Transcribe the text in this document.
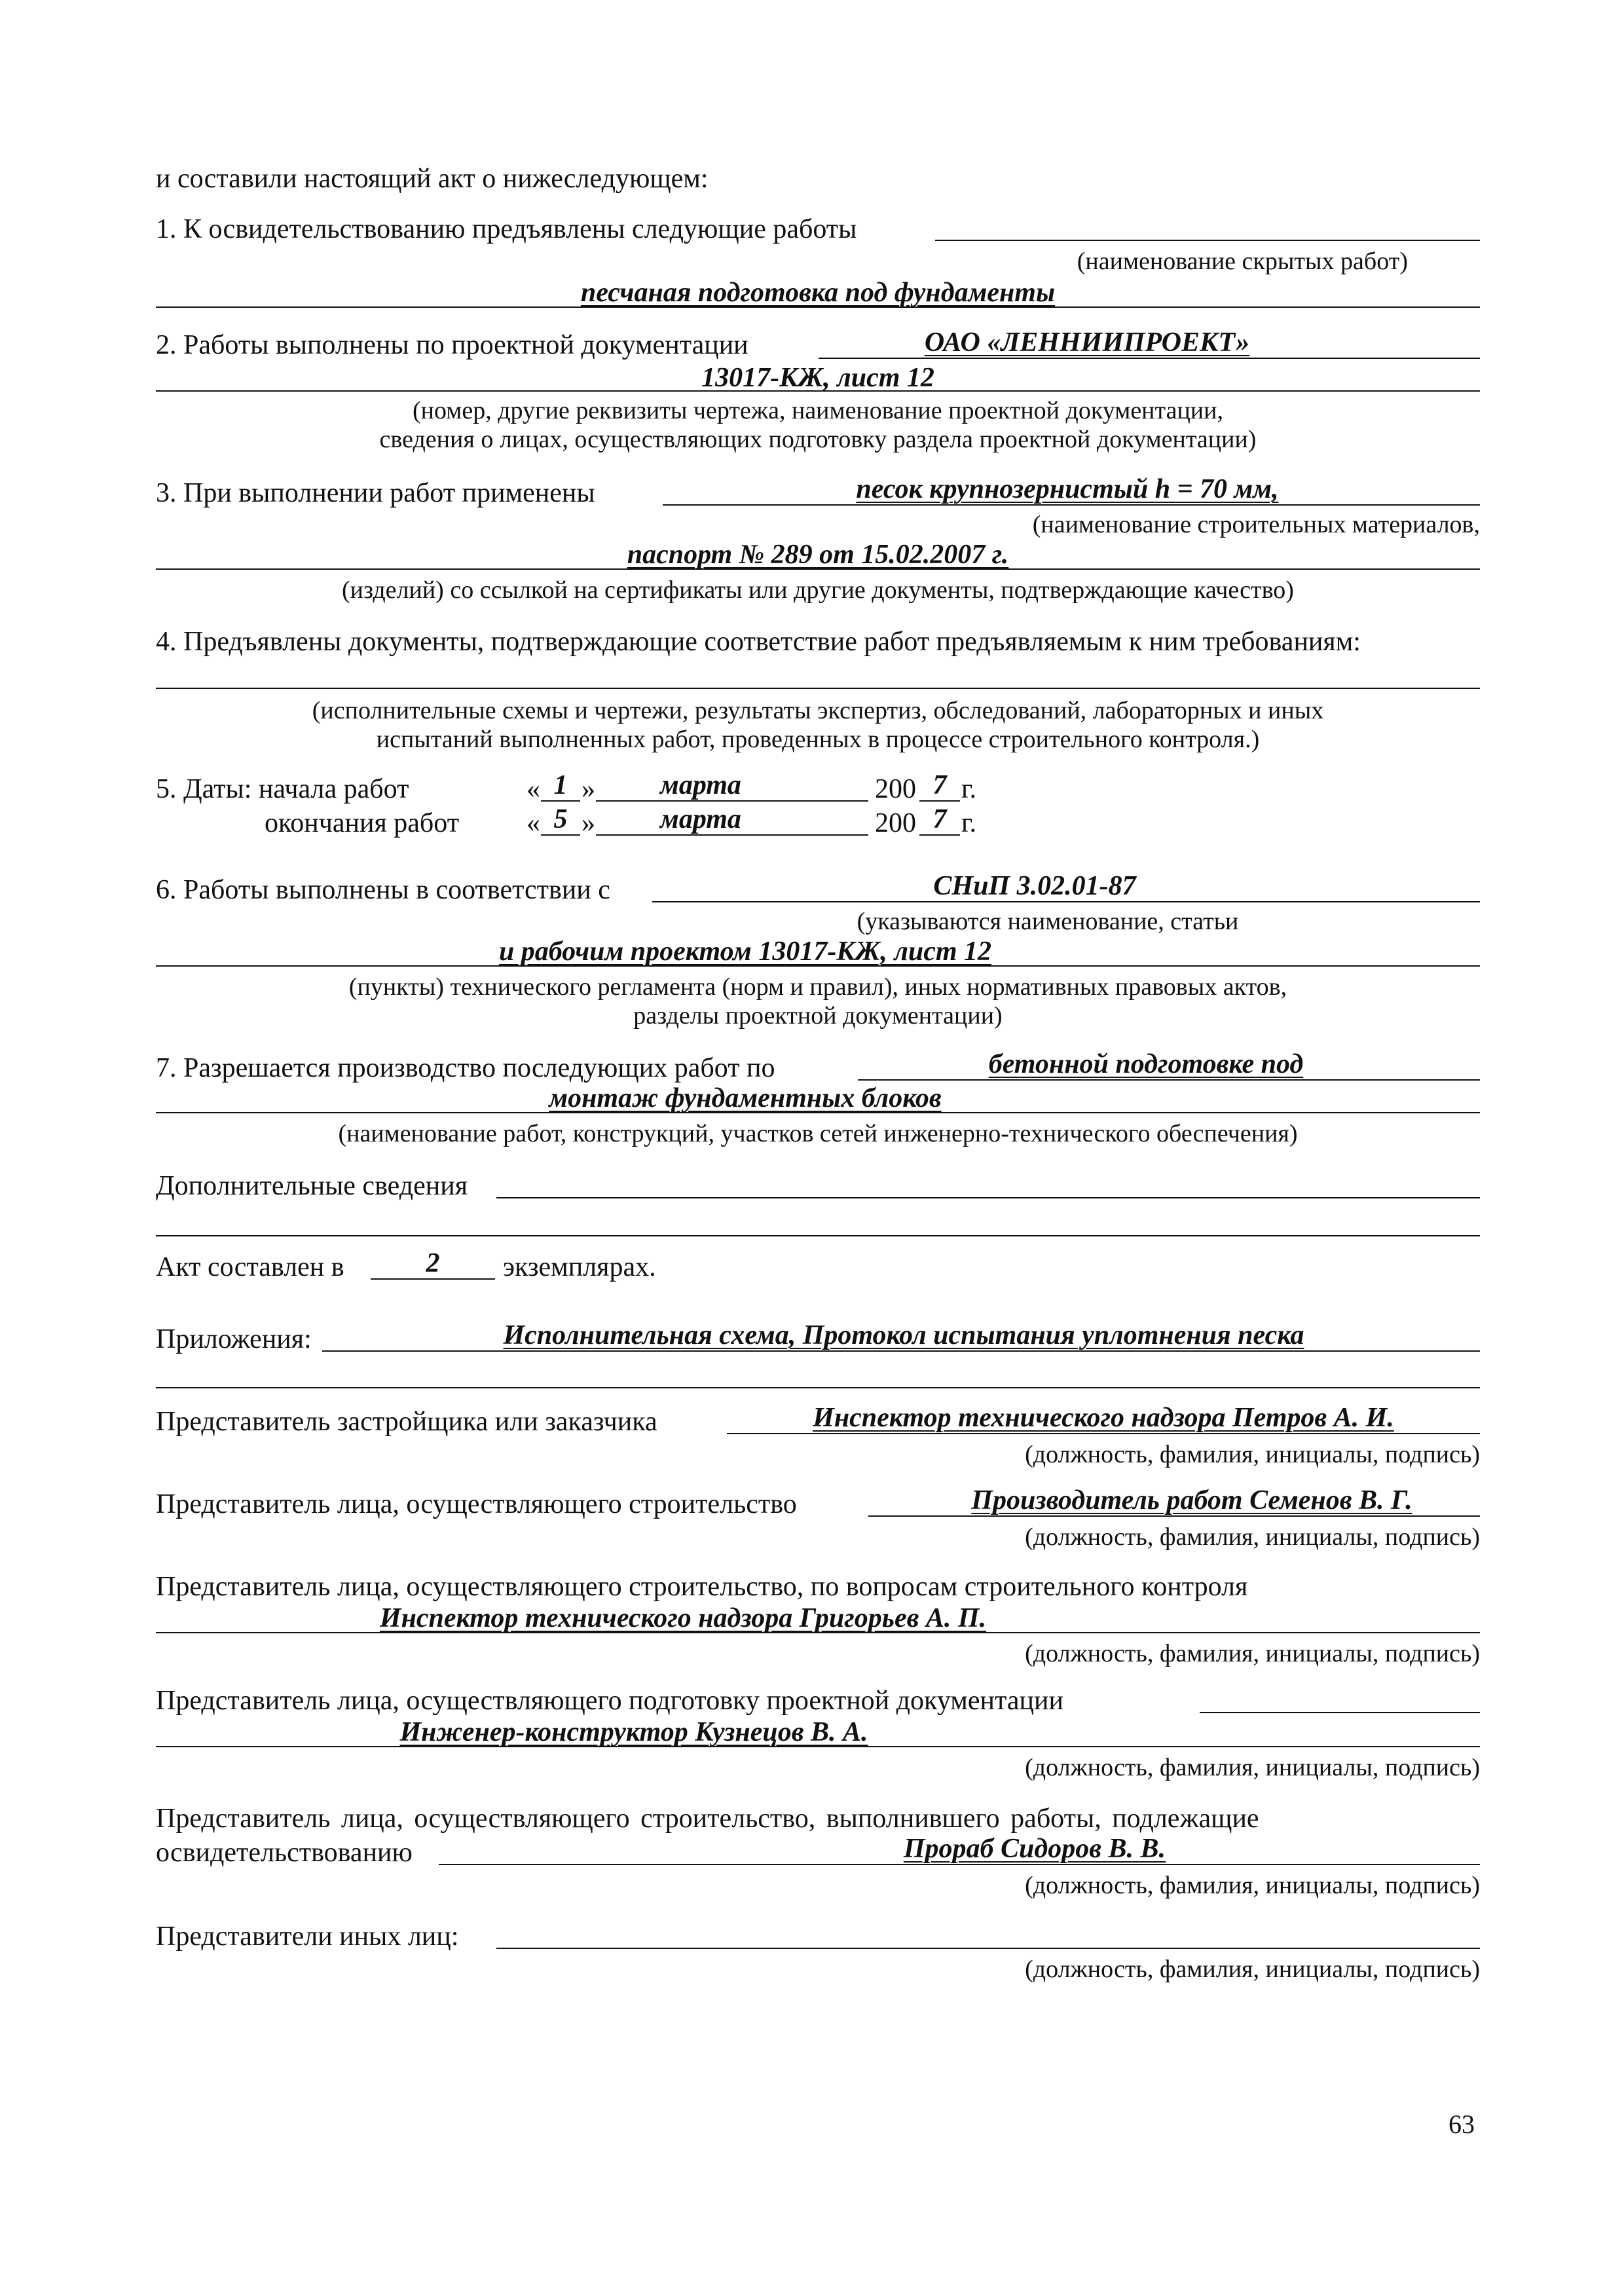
и составили настоящий акт о нижеследующем:
1. К освидетельствованию предъявлены следующие работы
(наименование скрытых работ)
песчаная подготовка под фундаменты
2. Работы выполнены по проектной документации	ОАО «ЛЕННИИПРОЕКТ»
13017-КЖ, лист 12
(номер, другие реквизиты чертежа, наименование проектной документации,
сведения о лицах, осуществляющих подготовку раздела проектной документации)
3. При выполнении работ применены	песок крупнозернистый h = 70 мм,
(наименование строительных материалов,
паспорт № 289 от 15.02.2007 г.
(изделий) со ссылкой на сертификаты или другие документы, подтверждающие качество)
4. Предъявлены документы, подтверждающие соответствие работ предъявляемым к ним требованиям:
(исполнительные схемы и чертежи, результаты экспертиз, обследований, лабораторных и иных
испытаний выполненных работ, проведенных в процессе строительного контроля.)
5. Даты: начала работ	« 1 »	марта	200 7 г.
окончания работ « 5 »	марта	200 7 г.
6. Работы выполнены в соответствии с	СНиП 3.02.01-87
(указываются наименование, статьи
и рабочим проектом 13017-КЖ, лист 12
(пункты) технического регламента (норм и правил), иных нормативных правовых актов,
разделы проектной документации)
7. Разрешается производство последующих работ по	бетонной подготовке под
монтаж фундаментных блоков
(наименование работ, конструкций, участков сетей инженерно-технического обеспечения)
Дополнительные сведения
Акт составлен в	2	экземплярах.
Приложения:	Исполнительная схема, Протокол испытания уплотнения песка
Представитель застройщика или заказчика	Инспектор технического надзора Петров А. И.
(должность, фамилия, инициалы, подпись)
Представитель лица, осуществляющего строительство	Производитель работ Семенов В. Г.
(должность, фамилия, инициалы, подпись)
Представитель лица, осуществляющего строительство, по вопросам строительного контроля
Инспектор технического надзора Григорьев А. П.
(должность, фамилия, инициалы, подпись)
Представитель лица, осуществляющего подготовку проектной документации
Инженер-конструктор Кузнецов В. А.
(должность, фамилия, инициалы, подпись)
Представитель лица, осуществляющего строительство, выполнившего работы, подлежащие
освидетельствованию	Прораб Сидоров В. В.
(должность, фамилия, инициалы, подпись)
Представители иных лиц:
(должность, фамилия, инициалы, подпись)
63
